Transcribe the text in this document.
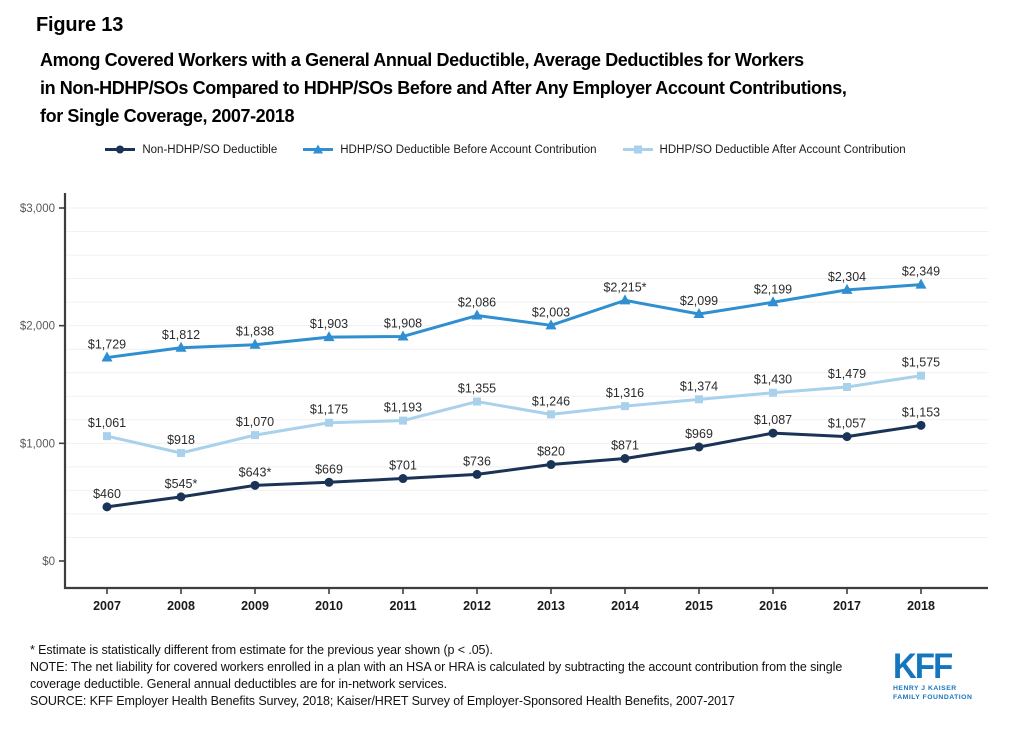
Figure 13
Among Covered Workers with a General Annual Deductible, Average Deductibles for Workers
in Non-HDHP/SOs Compared to HDHP/SOs Before and After Any Employer Account Contributions,
for Single Coverage, 2007-2018
Non-HDHP/SO Deductible	HDHP/SO Deductible Before Account Contribution	HDHP/SO Deductible After Account Contribution
$0
$1,000
$2,000
$3,000
2007	2008	2009	2010	2011	2012	2013	2014	2015	2016	2017	2018
$460
$545*
$643*	$669	$701	$736
$820	$871
$969
$1,087	$1,057
$1,153
$1,729
$1,812	$1,838
$1,903	$1,908
$2,086
$2,003
$2,215*
$2,099
$2,199
$2,304	$2,349
$1,061
$918
$1,070
$1,175	$1,193
$1,355
$1,246
$1,316	$1,374	$1,430	$1,479
$1,575
* Estimate is statistically different from estimate for the previous year shown (p < .05).
NOTE: The net liability for covered workers enrolled in a plan with an HSA or HRA is calculated by subtracting the account contribution from the single coverage deductible. General annual deductibles are for in-network services.
SOURCE: KFF Employer Health Benefits Survey, 2018; Kaiser/HRET Survey of Employer-Sponsored Health Benefits, 2007-2017
KFF
HENRY J KAISER
FAMILY FOUNDATION
